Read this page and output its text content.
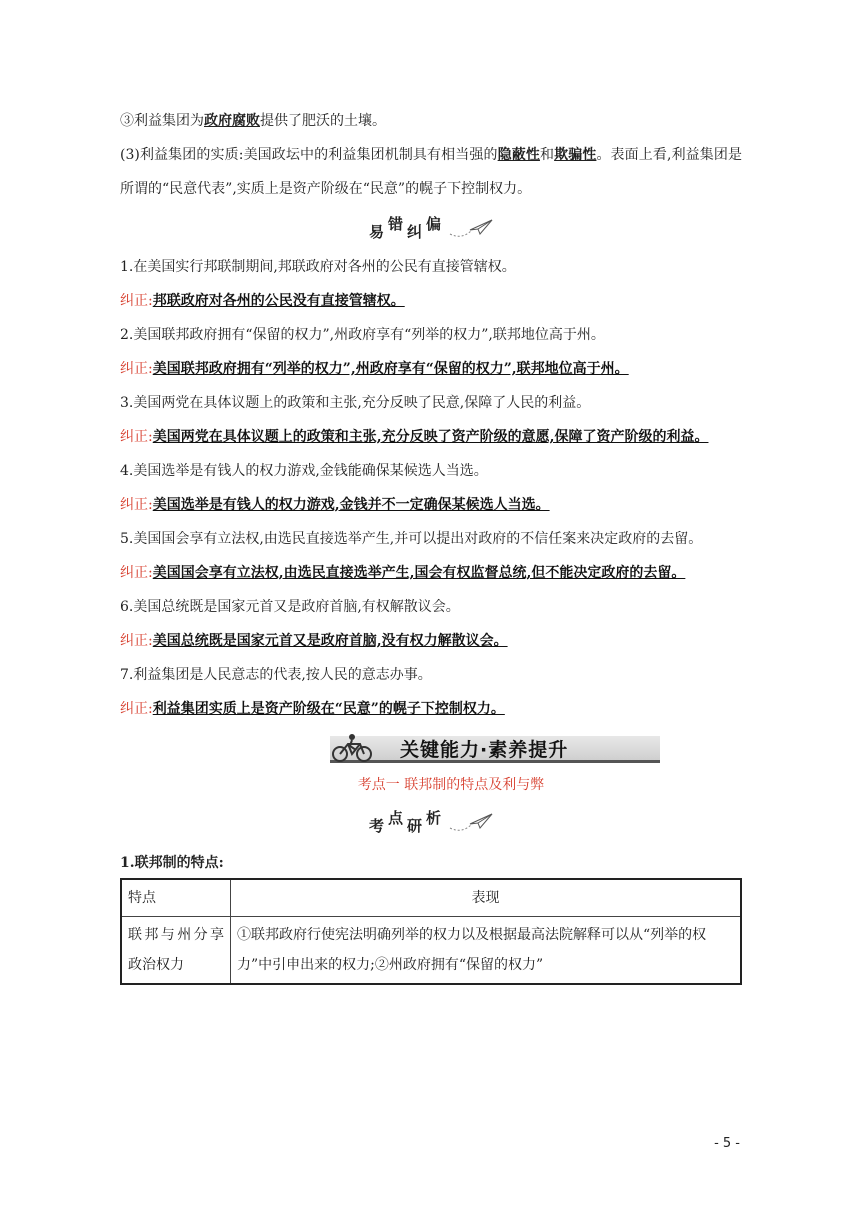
③利益集团为政府腐败提供了肥沃的土壤。
(3)利益集团的实质:美国政坛中的利益集团机制具有相当强的隐蔽性和欺骗性。表面上看,利益集团是所谓的“民意代表”,实质上是资产阶级在“民意”的幌子下控制权力。
易 错 纠 偏
1.在美国实行邦联制期间,邦联政府对各州的公民有直接管辖权。
纠正:邦联政府对各州的公民没有直接管辖权。
2.美国联邦政府拥有“保留的权力”,州政府享有“列举的权力”,联邦地位高于州。
纠正:美国联邦政府拥有“列举的权力”,州政府享有“保留的权力”,联邦地位高于州。
3.美国两党在具体议题上的政策和主张,充分反映了民意,保障了人民的利益。
纠正:美国两党在具体议题上的政策和主张,充分反映了资产阶级的意愿,保障了资产阶级的利益。
4.美国选举是有钱人的权力游戏,金钱能确保某候选人当选。
纠正:美国选举是有钱人的权力游戏,金钱并不一定确保某候选人当选。
5.美国国会享有立法权,由选民直接选举产生,并可以提出对政府的不信任案来决定政府的去留。
纠正:美国国会享有立法权,由选民直接选举产生,国会有权监督总统,但不能决定政府的去留。
6.美国总统既是国家元首又是政府首脑,有权解散议会。
纠正:美国总统既是国家元首又是政府首脑,没有权力解散议会。
7.利益集团是人民意志的代表,按人民的意志办事。
纠正:利益集团实质上是资产阶级在“民意”的幌子下控制权力。
关键能力·素养提升
考点一 联邦制的特点及利与弊
考 点 研 析
1.联邦制的特点:
特点	表现
联邦与州分享政治权力	①联邦政府行使宪法明确列举的权力以及根据最高法院解释可以从“列举的权力”中引申出来的权力;②州政府拥有“保留的权力”
- 5 -
